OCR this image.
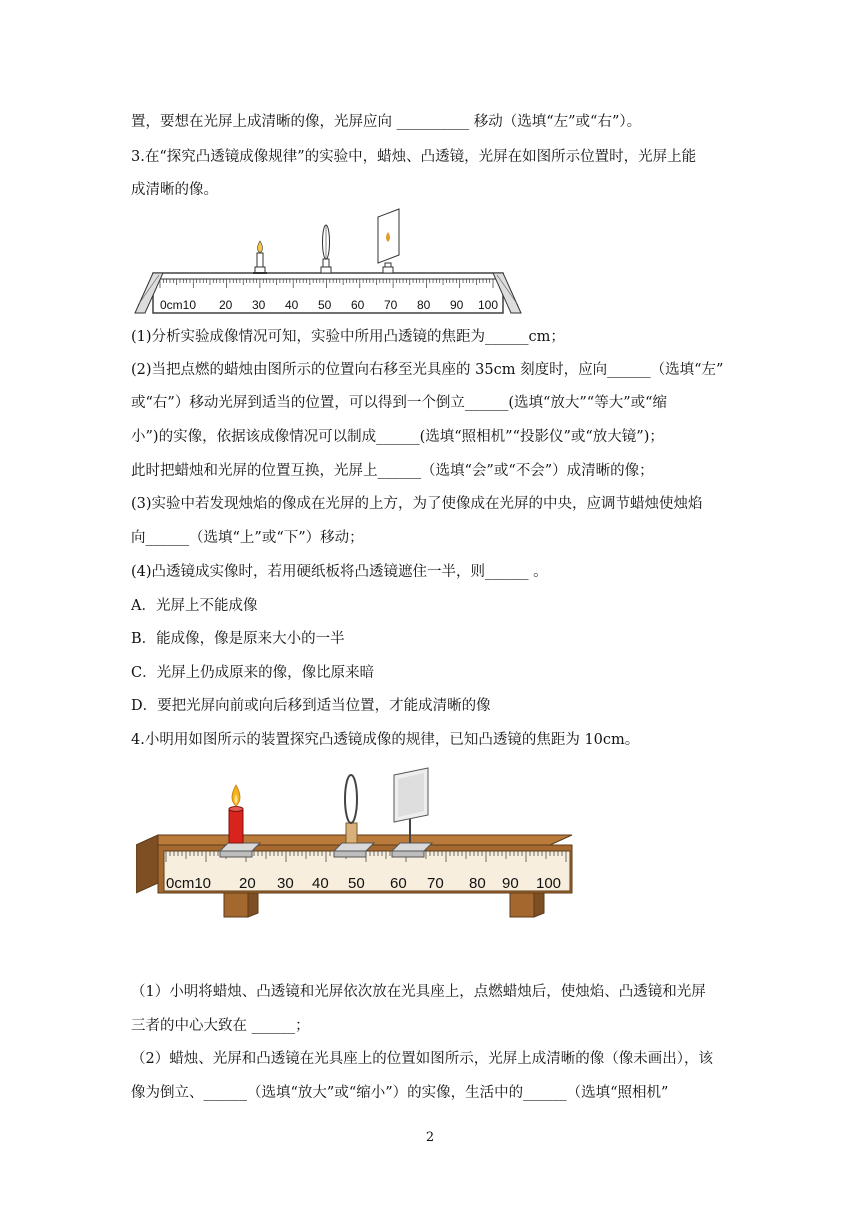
置，要想在光屏上成清晰的像，光屏应向 __________ 移动（选填“左”或“右”）。
3.在“探究凸透镜成像规律”的实验中，蜡烛、凸透镜，光屏在如图所示位置时，光屏上能
成清晰的像。
0cm10 20 30 40 50 60 70 80 90 100
(1)分析实验成像情况可知，实验中所用凸透镜的焦距为______cm；
(2)当把点燃的蜡烛由图所示的位置向右移至光具座的 35cm 刻度时，应向______（选填“左”
或“右”）移动光屏到适当的位置，可以得到一个倒立______(选填“放大”“等大”或“缩
小”)的实像，依据该成像情况可以制成______(选填“照相机”“投影仪”或“放大镜”)；
此时把蜡烛和光屏的位置互换，光屏上______（选填“会”或“不会”）成清晰的像；
(3)实验中若发现烛焰的像成在光屏的上方，为了使像成在光屏的中央，应调节蜡烛使烛焰
向______（选填“上”或“下”）移动；
(4)凸透镜成实像时，若用硬纸板将凸透镜遮住一半，则______ 。
A．光屏上不能成像
B．能成像，像是原来大小的一半
C．光屏上仍成原来的像，像比原来暗
D．要把光屏向前或向后移到适当位置，才能成清晰的像
4.小明用如图所示的装置探究凸透镜成像的规律，已知凸透镜的焦距为 10cm。
0cm10 20 30 40 50 60 70 80 90 100
（1）小明将蜡烛、凸透镜和光屏依次放在光具座上，点燃蜡烛后，使烛焰、凸透镜和光屏
三者的中心大致在 ______；
（2）蜡烛、光屏和凸透镜在光具座上的位置如图所示，光屏上成清晰的像（像未画出），该
像为倒立、______（选填“放大”或“缩小”）的实像，生活中的______（选填“照相机”
2
